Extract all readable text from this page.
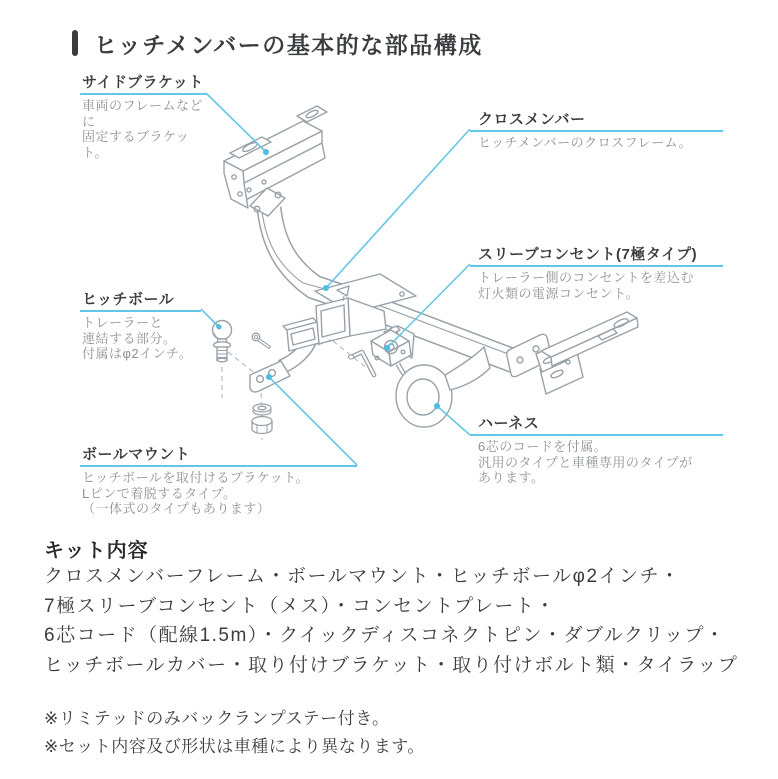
ヒッチメンバーの基本的な部品構成
サイドブラケット
車両のフレームなどに
固定するブラケット。
クロスメンバー
ヒッチメンバーのクロスフレーム。
スリーブコンセント(7極タイプ)
トレーラー側のコンセントを差込む
灯火類の電源コンセント。
ヒッチボール
トレーラーと
連結する部分。
付属はφ2インチ。
ハーネス
6芯のコードを付属。
汎用のタイプと車種専用のタイプが
あります。
ボールマウント
ヒッチボールを取付けるブラケット。
Lピンで着脱するタイプ。
（一体式のタイプもあります）
キット内容
クロスメンバーフレーム・ボールマウント・ヒッチボールφ2インチ・
7極スリーブコンセント（メス）・コンセントプレート・
6芯コード（配線1.5m）・クイックディスコネクトピン・ダブルクリップ・
ヒッチボールカバー・取り付けブラケット・取り付けボルト類・タイラップ
※リミテッドのみバックランプステー付き。
※セット内容及び形状は車種により異なります。
